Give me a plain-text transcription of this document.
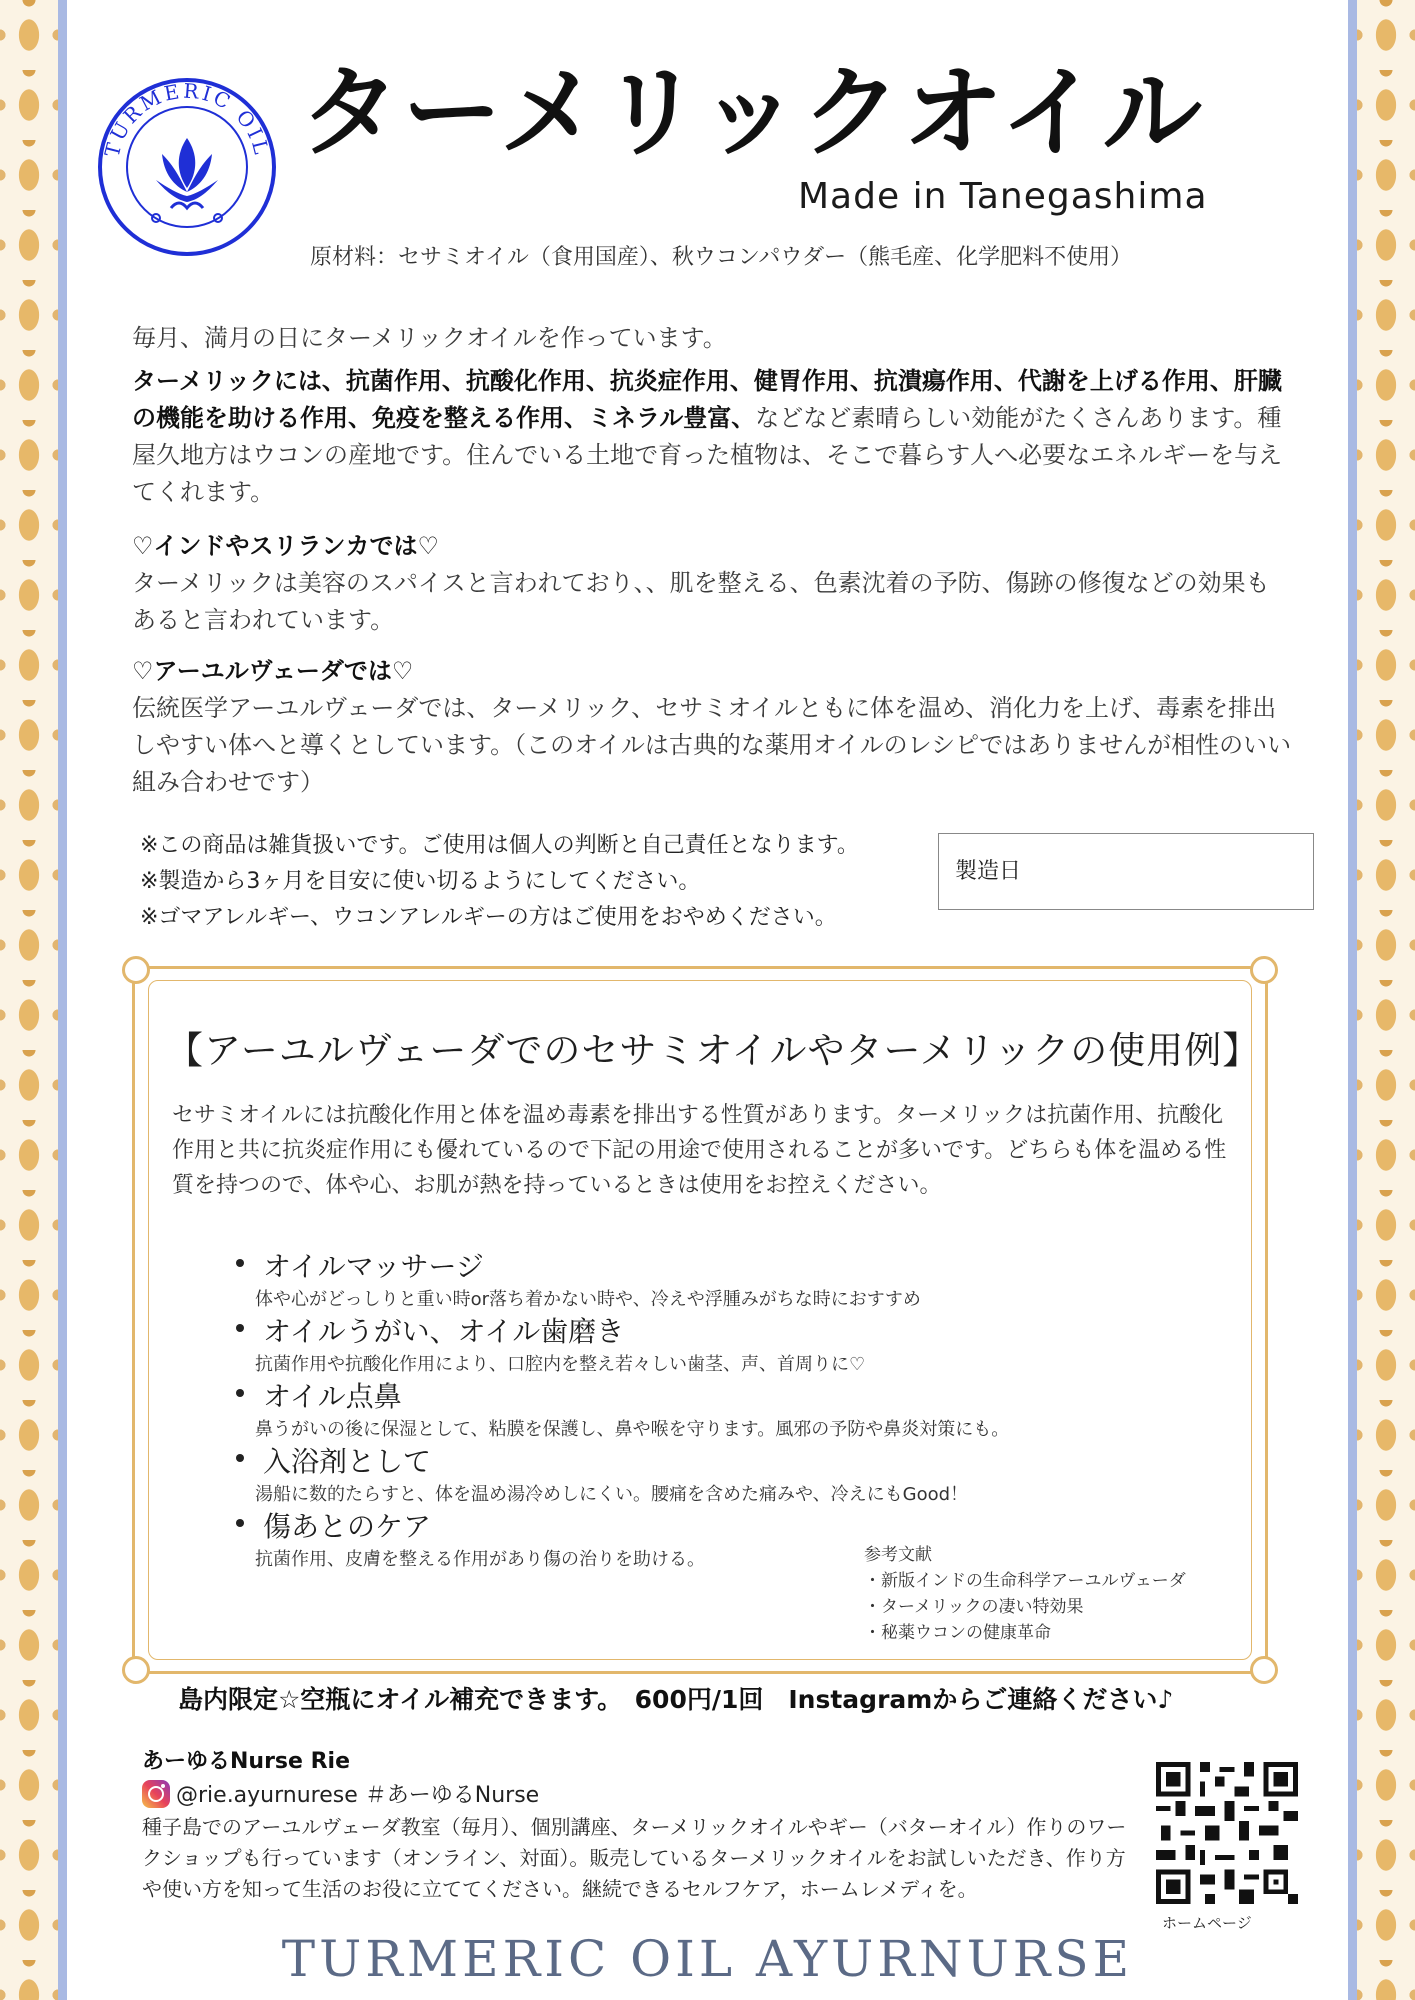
TURMERIC OIL ターメリックオイル
Made in Tanegashima
原材料：セサミオイル（食用国産）、秋ウコンパウダー（熊毛産、化学肥料不使用）
毎月、満月の日にターメリックオイルを作っています。
ターメリックには、抗菌作用、抗酸化作用、抗炎症作用、健胃作用、抗潰瘍作用、代謝を上げる作用、肝臓の機能を助ける作用、免疫を整える作用、ミネラル豊富、などなど素晴らしい効能がたくさんあります。種屋久地方はウコンの産地です。住んでいる土地で育った植物は、そこで暮らす人へ必要なエネルギーを与えてくれます。
♡インドやスリランカでは♡
ターメリックは美容のスパイスと言われており、、肌を整える、色素沈着の予防、傷跡の修復などの効果もあると言われています。
♡アーユルヴェーダでは♡
伝統医学アーユルヴェーダでは、ターメリック、セサミオイルともに体を温め、消化力を上げ、毒素を排出しやすい体へと導くとしています。（このオイルは古典的な薬用オイルのレシピではありませんが相性のいい組み合わせです）
※この商品は雑貨扱いです。ご使用は個人の判断と自己責任となります。
※製造から3ヶ月を目安に使い切るようにしてください。
※ゴマアレルギー、ウコンアレルギーの方はご使用をおやめください。
製造日
【アーユルヴェーダでのセサミオイルやターメリックの使用例】
セサミオイルには抗酸化作用と体を温め毒素を排出する性質があります。ターメリックは抗菌作用、抗酸化作用と共に抗炎症作用にも優れているので下記の用途で使用されることが多いです。どちらも体を温める性質を持つので、体や心、お肌が熱を持っているときは使用をお控えください。
オイルマッサージ
体や心がどっしりと重い時or落ち着かない時や、冷えや浮腫みがちな時におすすめ
オイルうがい、オイル歯磨き
抗菌作用や抗酸化作用により、口腔内を整え若々しい歯茎、声、首周りに♡
オイル点鼻
鼻うがいの後に保湿として、粘膜を保護し、鼻や喉を守ります。風邪の予防や鼻炎対策にも。
入浴剤として
湯船に数的たらすと、体を温め湯冷めしにくい。腰痛を含めた痛みや、冷えにもGood！
傷あとのケア
抗菌作用、皮膚を整える作用があり傷の治りを助ける。	参考文献
・新版インドの生命科学アーユルヴェーダ
・ターメリックの凄い特効果
・秘薬ウコンの健康革命
島内限定☆空瓶にオイル補充できます。　600円/1回　Instagramからご連絡ください♪
あーゆるNurse Rie
@rie.ayurnurese ＃あーゆるNurse
種子島でのアーユルヴェーダ教室（毎月）、個別講座、ターメリックオイルやギー（バターオイル）作りのワークショップも行っています（オンライン、対面）。販売しているターメリックオイルをお試しいただき、作り方や使い方を知って生活のお役に立ててください。継続できるセルフケア，ホームレメディを。
ホームページ
TURMERIC OIL AYURNURSE
